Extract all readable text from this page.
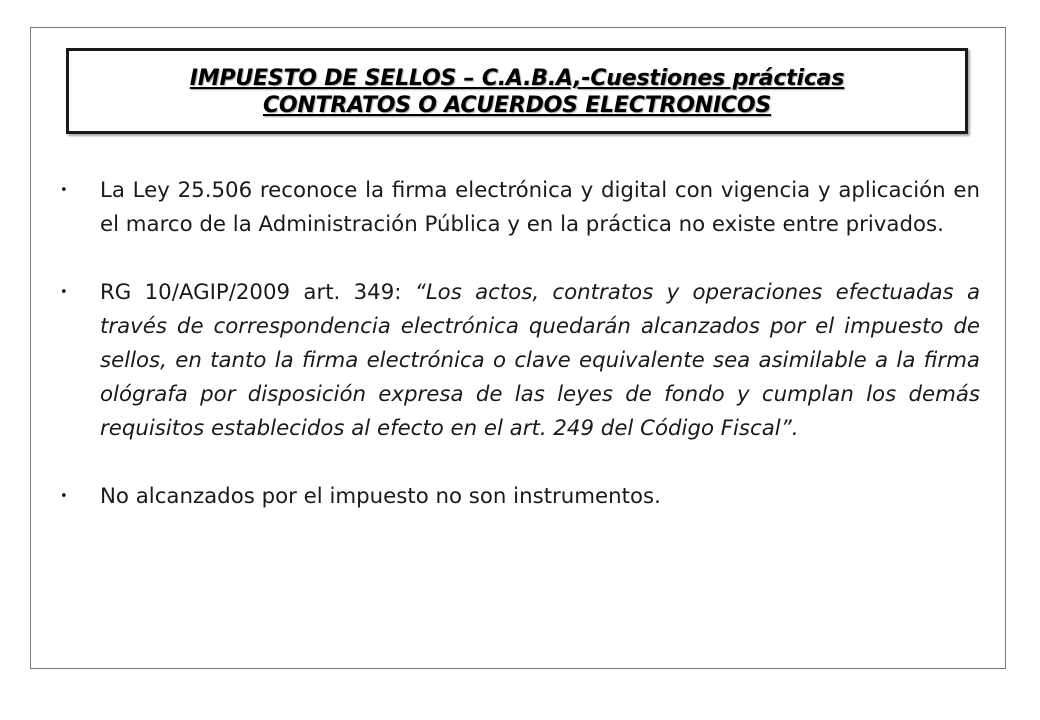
IMPUESTO DE SELLOS – C.A.B.A,-Cuestiones prácticas
CONTRATOS O ACUERDOS ELECTRONICOS
• La Ley 25.506 reconoce la firma electrónica y digital con vigencia y aplicación en el marco de la Administración Pública y en la práctica no existe entre privados.
• RG 10/AGIP/2009 art. 349: “Los actos, contratos y operaciones efectuadas a través de correspondencia electrónica quedarán alcanzados por el impuesto de sellos, en tanto la firma electrónica o clave equivalente sea asimilable a la firma ológrafa por disposición expresa de las leyes de fondo y cumplan los demás requisitos establecidos al efecto en el art. 249 del Código Fiscal”.
• No alcanzados por el impuesto no son instrumentos.
